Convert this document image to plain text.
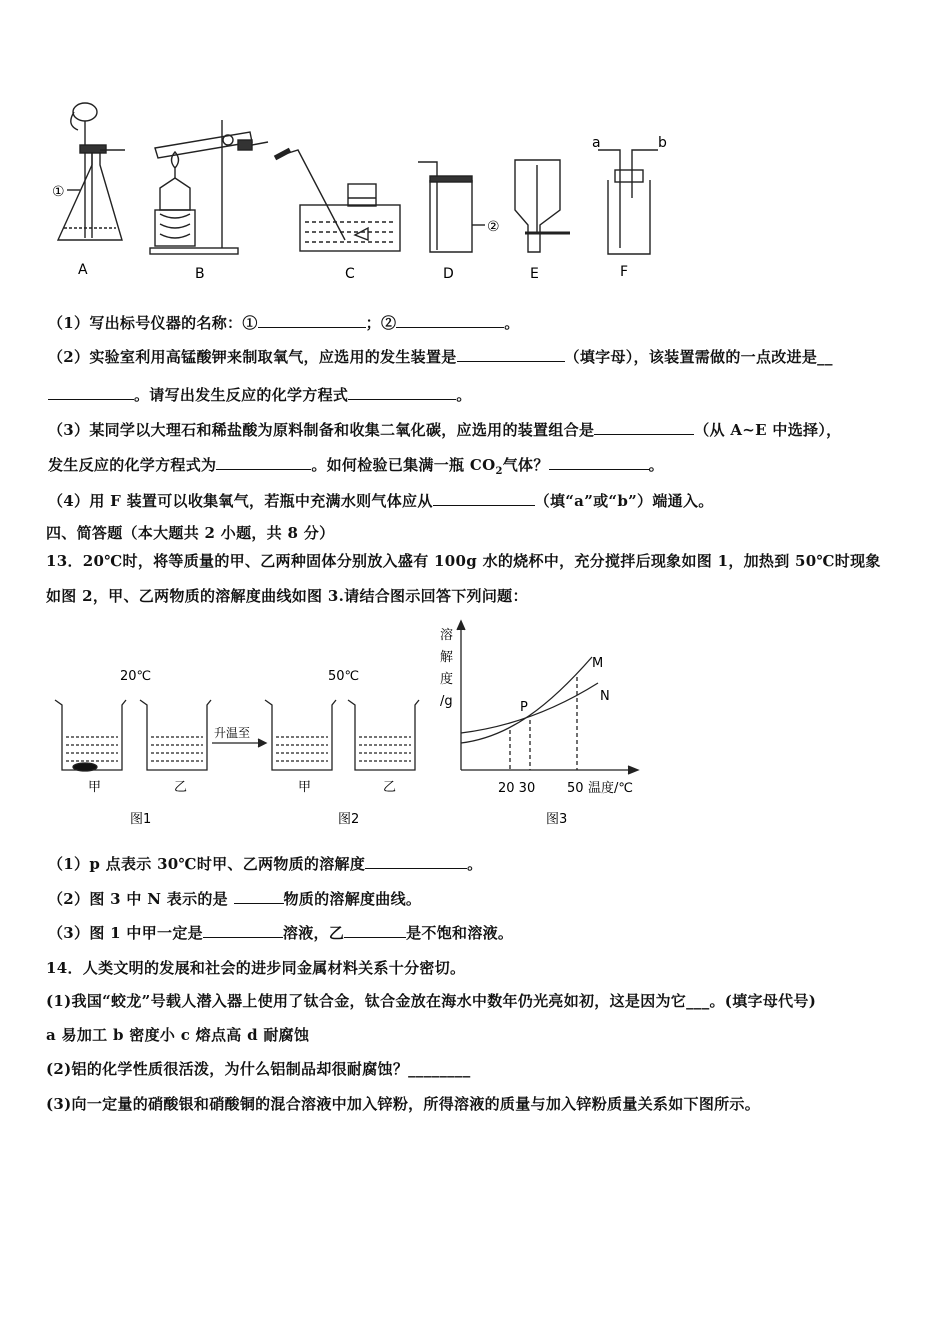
A	B	C	D	E	F
①
②
a	b
（1）写出标号仪器的名称：①	；②	。
（2）实验室利用高锰酸钾来制取氧气，应选用的发生装置是	（填字母），该装置需做的一点改进是__
。请写出发生反应的化学方程式	。
（3）某同学以大理石和稀盐酸为原料制备和收集二氧化碳，应选用的装置组合是	（从 A~E 中选择），
发生反应的化学方程式为	。如何检验已集满一瓶 $CO_2$气体？	。
（4）用 F 装置可以收集氧气，若瓶中充满水则气体应从	（填“a”或“b”）端通入。
四、简答题（本大题共 2 小题，共 8 分）
13．20℃时，将等质量的甲、乙两种固体分别放入盛有 100g 水的烧杯中，充分搅拌后现象如图 1，加热到 50℃时现象
如图 2，甲、乙两物质的溶解度曲线如图 3.请结合图示回答下列问题：
20℃	50℃
升温至
甲	乙	甲	乙
图1	图2	图3
溶
解
度
/g
20 30 50 温度/℃
M
N
P
（1）p 点表示 30℃时甲、乙两物质的溶解度	。
（2）图 3 中 N 表示的是	物质的溶解度曲线。
（3）图 1 中甲一定是	溶液，乙	是不饱和溶液。
14．人类文明的发展和社会的进步同金属材料关系十分密切。
(1)我国“蛟龙”号载人潜入器上使用了钛合金，钛合金放在海水中数年仍光亮如初，这是因为它___。(填字母代号)
a 易加工 b 密度小 c 熔点高 d 耐腐蚀
(2)铝的化学性质很活泼，为什么铝制品却很耐腐蚀？________
(3)向一定量的硝酸银和硝酸铜的混合溶液中加入锌粉，所得溶液的质量与加入锌粉质量关系如下图所示。
